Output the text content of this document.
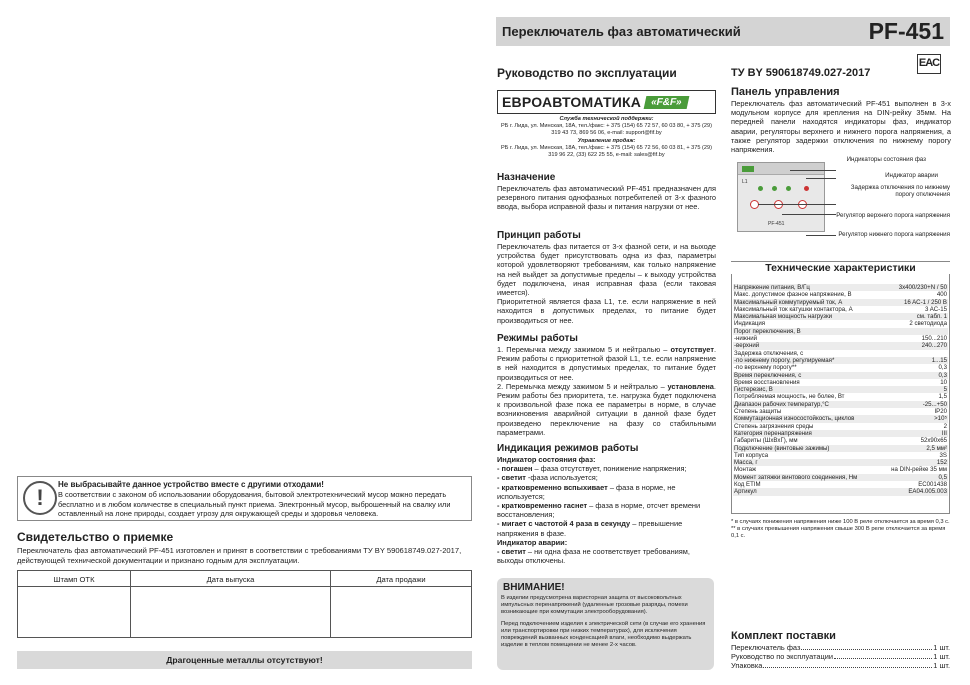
!
Не выбрасывайте данное устройство вместе с другими отходами!
В соответствии с законом об использовании оборудования, бытовой электротехнический мусор можно передать бесплатно и в любом количестве в специальный пункт приема. Электронный мусор, выброшенный на свалку или оставленный на лоне природы, создает угрозу для окружающей среды и здоровья человека.
Свидетельство о приемке
Переключатель фаз автоматический PF-451 изготовлен и принят в соответствии с требованиями ТУ BY 590618749.027-2017, действующей технической документации и признано годным для эксплуатации.
Штамп ОТК	Дата выпуска	Дата продажи

Драгоценные металлы отсутствуют!
Переключатель фаз автоматический	PF-451
EAC
Руководство по эксплуатации	ТУ BY 590618749.027-2017
ЕВРОАВТОМАТИКА «F&F»
Служба технической поддержки:
РБ г. Лида, ул. Минская, 18А, тел./факс: + 375 (154) 65 72 57, 60 03 80, + 375 (29) 319 43 73, 869 56 06, e-mail: support@fif.by
Управление продаж:
РБ г. Лида, ул. Минская, 18А, тел./факс: + 375 (154) 65 72 56, 60 03 81, + 375 (29) 319 96 22, (33) 622 25 55, e-mail: sales@fif.by
Назначение
Переключатель фаз автоматический PF-451 предназначен для резервного питания однофазных потребителей от 3-х фазного ввода, выбора исправной фазы и питания нагрузки от нее.
Принцип работы
Переключатель фаз питается от 3-х фазной сети, и на выходе устройства будет присутствовать одна из фаз, параметры которой удовлетворяют требованиям, как только напряжение на ней выйдет за допустимые пределы – к выходу устройства будет подключена, иная исправная фаза (если таковая имеется).
Приоритетной является фаза L1, т.е. если напряжение в ней находится в допустимых пределах, то питание будет производиться от нее.
Режимы работы
1. Перемычка между зажимом 5 и нейтралью – отсутствует. Режим работы с приоритетной фазой L1, т.е. если напряжение в ней находится в допустимых пределах, то питание будет производиться от нее.
2. Перемычка между зажимом 5 и нейтралью – установлена. Режим работы без приоритета, т.е. нагрузка будет подключена к произвольной фазе пока ее параметры в норме, в случае возникновения аварийной ситуации в данной фазе будет произведено переключение на фазу со стабильными параметрами.
Индикация режимов работы
Индикатор состояния фаз:
- погашен – фаза отсутствует, понижение напряжения;
- светит -фаза используется;
- кратковременно вспыхивает – фаза в норме, не используется;
- кратковременно гаснет – фаза в норме, отсчет времени восстановления;
- мигает с частотой 4 раза в секунду – превышение напряжения в фазе.
Индикатор аварии:
- светит – ни одна фаза не соответствует требованиям, выходы отключены.
ВНИМАНИЕ!
В изделии предусмотрена варисторная защита от высоковольтных импульсных перенапряжений (удаленные грозовые разряды, помехи возникающие при коммутации электрооборудования).
Перед подключением изделия к электрической сети (в случае его хранения или транспортировки при низких температурах), для исключения повреждений вызванных конденсацией влаги, необходимо выдержать изделие в теплом помещении не менее 2-х часов.
Панель управления
Переключатель фаз автоматический PF-451 выполнен в 3-х модульном корпусе для крепления на DIN-рейку 35мм. На передней панели находятся индикаторы фаз, индикатор аварии, регуляторы верхнего и нижнего порога напряжения, а также регулятор задержки отключения по нижнему порогу напряжения.
L1
PF-451
Индикаторы состояния фаз
Индикатор аварии
Задержка отключения по нижнему порогу отключения
Регулятор верхнего порога напряжения
Регулятор нижнего порога напряжения
Технические характеристики
Напряжение питания, В/Гц	3x400/230+N / 50
Макс. допустимое фазное напряжение, В	400
Максимальный коммутируемый ток, А	16 AC-1 / 250 В
Максимальный ток катушки контактора, А	3 AC-15
Максимальная мощность нагрузки	см. табл. 1
Индикация	2 светодиода
Порог переключения, В	
-нижний	150...210
-верхний	240...270
Задержка отключения, с	
-по нижнему порогу, регулируемая*	1...15
-по верхнему порогу**	0,3
Время переключения, с	0,3
Время восстановления	10
Гистерезис, В	5
Потребляемая мощность, не более, Вт	1,5
Диапазон рабочих температур,°С	-25...+50
Степень защиты	IP20
Коммутационная износостойкость, циклов	>10⁵
Степень загрязнения среды	2
Категория перенапряжения	III
Габариты (ШхВхГ), мм	52x90x65
Подключение (винтовые зажимы)	2,5 мм²
Тип корпуса	3S
Масса, г	152
Монтаж	на DIN-рейке 35 мм
Момент затяжки винтового соединения, Нм	0,5
Код ETIM	EC001438
Артикул	EA04.005.003
* в случаях понижения напряжения ниже 100 В реле отключается за время 0,3 с.
** в случаях превышения напряжения свыше 300 В реле отключается за время 0,1 с.
Комплект поставки
Переключатель фаз	1 шт.
Руководство по эксплуатации	1 шт.
Упаковка	1 шт.
